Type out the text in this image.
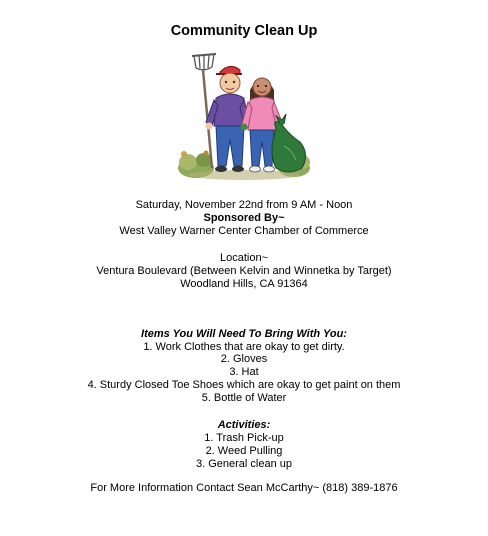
Community Clean Up
Saturday, November 22nd from 9 AM - Noon
Sponsored By~
West Valley Warner Center Chamber of Commerce
Location~
Ventura Boulevard (Between Kelvin and Winnetka by Target)
Woodland Hills, CA 91364
Items You Will Need To Bring With You:
1. Work Clothes that are okay to get dirty.
2. Gloves
3. Hat
4. Sturdy Closed Toe Shoes which are okay to get paint on them
5. Bottle of Water
Activities:
1. Trash Pick-up
2. Weed Pulling
3. General clean up
For More Information Contact Sean McCarthy~ (818) 389-1876
